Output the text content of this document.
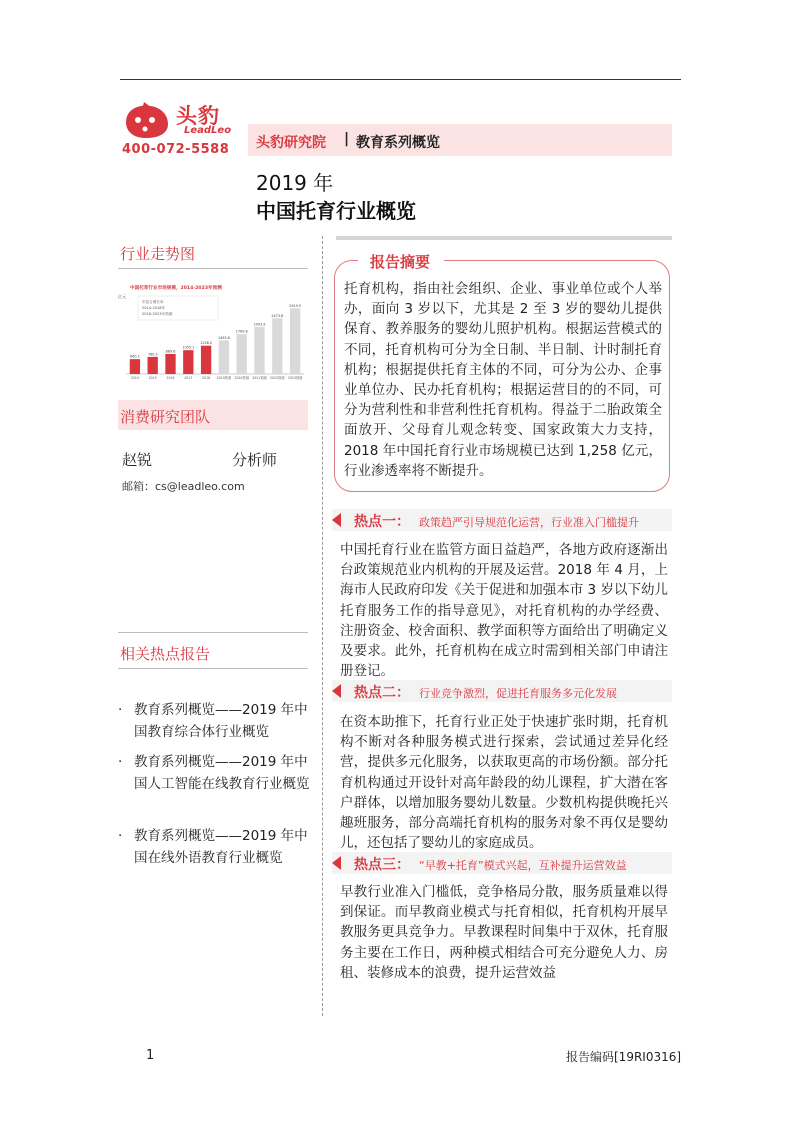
头豹
LeadLeo
400-072-5588 头豹研究院 | 教育系列概览
2019 年
中国托育行业概览
行业走势图
中国托育行业市场规模，2014-2023年预测
亿元
年复合增长率
2014-2018年
2018-2023年预测
660.2
2014
760.3
2015
889.6
2016
1059.1
2017
1258.0
2018
1493.6
2019预测
1769.8
2020预测
2093.9
2021预测
2473.8
2022预测
2919.5
2023预测
消费研究团队
赵锐	分析师
邮箱：cs@leadleo.com
相关热点报告
· 教育系列概览——2019 年中国教育综合体行业概览
· 教育系列概览——2019 年中国人工智能在线教育行业概览
· 教育系列概览——2019 年中国在线外语教育行业概览
报告摘要
托育机构，指由社会组织、企业、事业单位或个人举办，面向 3 岁以下，尤其是 2 至 3 岁的婴幼儿提供保育、教养服务的婴幼儿照护机构。根据运营模式的不同，托育机构可分为全日制、半日制、计时制托育机构；根据提供托育主体的不同，可分为公办、企事业单位办、民办托育机构；根据运营目的的不同，可分为营利性和非营利性托育机构。得益于二胎政策全面放开、父母育儿观念转变、国家政策大力支持，2018 年中国托育行业市场规模已达到 1,258 亿元，行业渗透率将不断提升。
热点一： 政策趋严引导规范化运营，行业准入门槛提升
中国托育行业在监管方面日益趋严，各地方政府逐渐出台政策规范业内机构的开展及运营。2018 年 4 月，上海市人民政府印发《关于促进和加强本市 3 岁以下幼儿托育服务工作的指导意见》，对托育机构的办学经费、注册资金、校舍面积、教学面积等方面给出了明确定义及要求。此外，托育机构在成立时需到相关部门申请注册登记。
热点二： 行业竞争激烈，促进托育服务多元化发展
在资本助推下，托育行业正处于快速扩张时期，托育机构不断对各种服务模式进行探索，尝试通过差异化经营，提供多元化服务，以获取更高的市场份额。部分托育机构通过开设针对高年龄段的幼儿课程，扩大潜在客户群体，以增加服务婴幼儿数量。少数机构提供晚托兴趣班服务，部分高端托育机构的服务对象不再仅是婴幼儿，还包括了婴幼儿的家庭成员。
热点三： “早教+托育”模式兴起，互补提升运营效益
早教行业准入门槛低，竞争格局分散，服务质量难以得到保证。而早教商业模式与托育相似，托育机构开展早教服务更具竞争力。早教课程时间集中于双休，托育服务主要在工作日，两种模式相结合可充分避免人力、房租、装修成本的浪费，提升运营效益
1	报告编码[19RI0316]
